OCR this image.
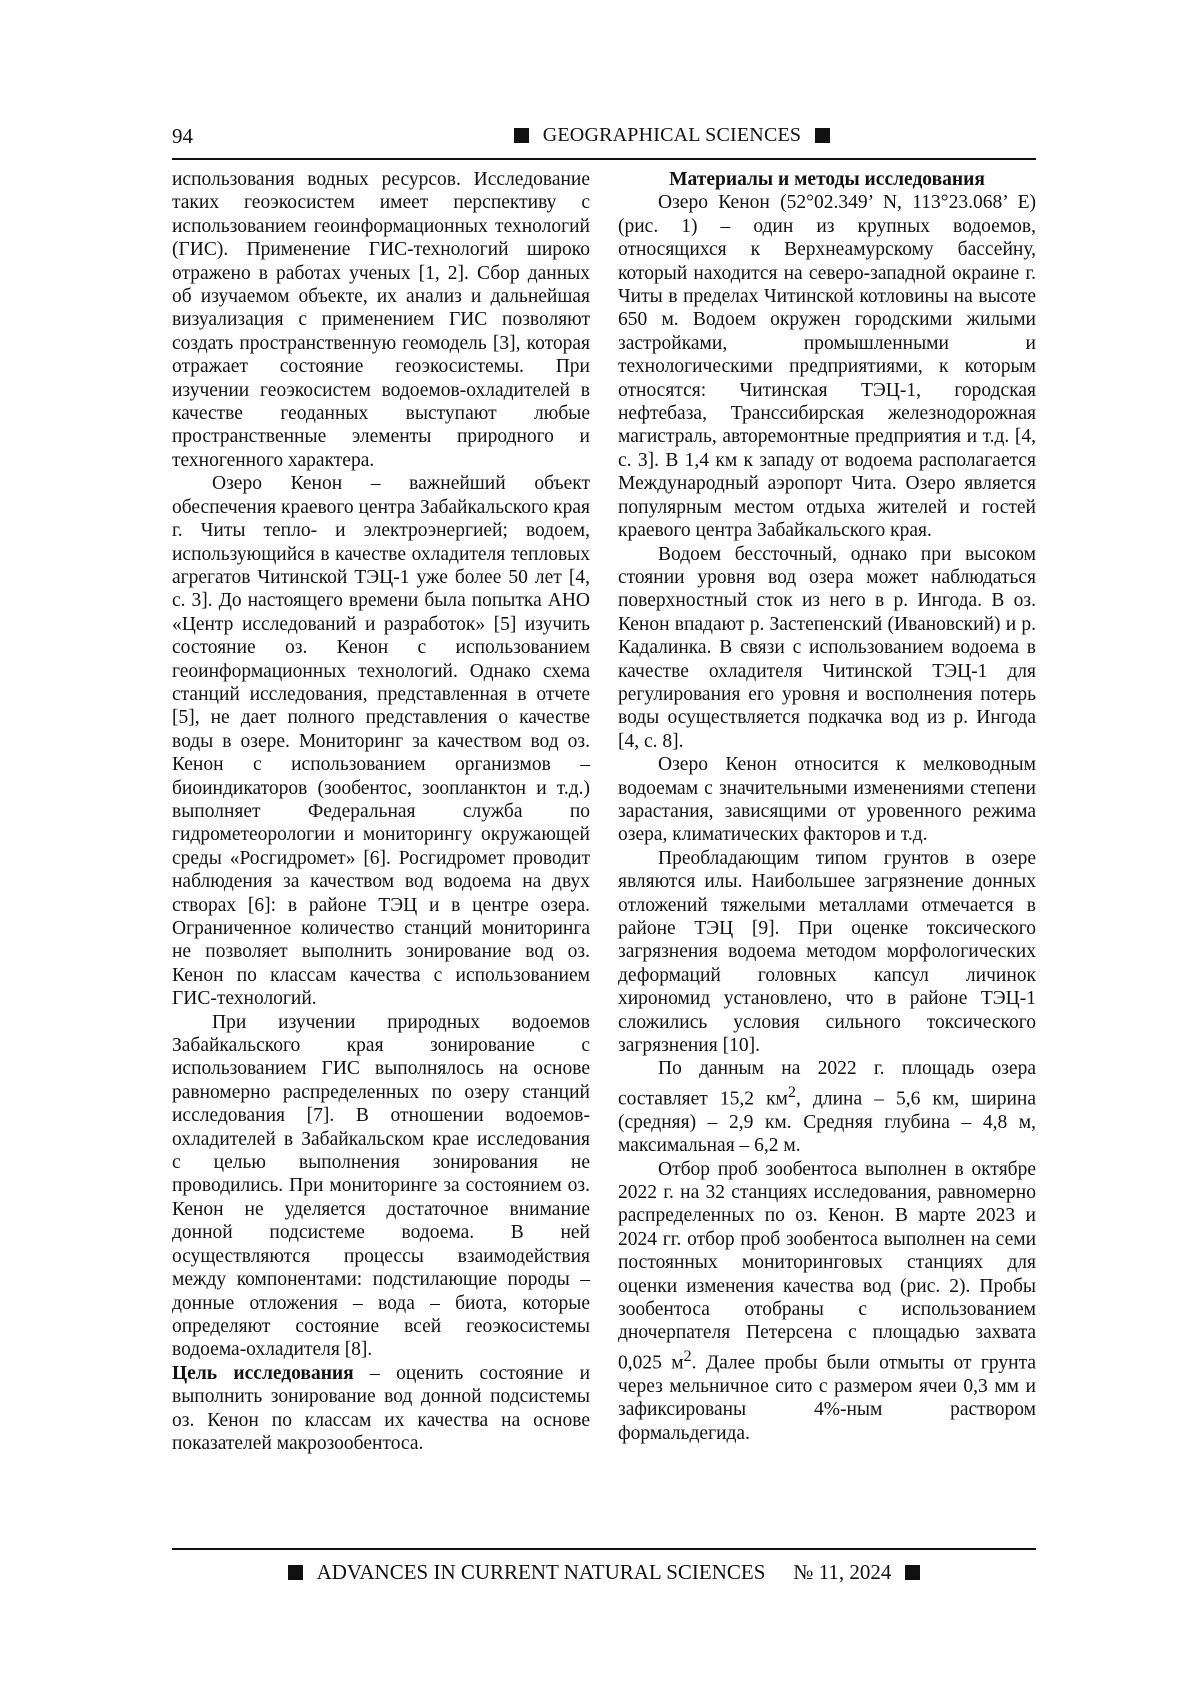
94	GEOGRAPHICAL SCIENCES

использования водных ресурсов. Исследование таких геоэкосистем имеет перспективу с использованием геоинформационных технологий (ГИС). Применение ГИС-технологий широко отражено в работах ученых [1, 2]. Сбор данных об изучаемом объекте, их анализ и дальнейшая визуализация с применением ГИС позволяют создать пространственную геомодель [3], которая отражает состояние геоэкосистемы. При изучении геоэкосистем водоемов-охладителей в качестве геоданных выступают любые пространственные элементы природного и техногенного характера.

Озеро Кенон – важнейший объект обеспечения краевого центра Забайкальского края г. Читы тепло- и электроэнергией; водоем, использующийся в качестве охладителя тепловых агрегатов Читинской ТЭЦ-1 уже более 50 лет [4, с. 3]. До настоящего времени была попытка АНО «Центр исследований и разработок» [5] изучить состояние оз. Кенон с использованием геоинформационных технологий. Однако схема станций исследования, представленная в отчете [5], не дает полного представления о качестве воды в озере. Мониторинг за качеством вод оз. Кенон с использованием организмов – биоиндикаторов (зообентос, зоопланктон и т.д.) выполняет Федеральная служба по гидрометеорологии и мониторингу окружающей среды «Росгидромет» [6]. Росгидромет проводит наблюдения за качеством вод водоема на двух створах [6]: в районе ТЭЦ и в центре озера. Ограниченное количество станций мониторинга не позволяет выполнить зонирование вод оз. Кенон по классам качества с использованием ГИС-технологий.

При изучении природных водоемов Забайкальского края зонирование с использованием ГИС выполнялось на основе равномерно распределенных по озеру станций исследования [7]. В отношении водоемов-охладителей в Забайкальском крае исследования с целью выполнения зонирования не проводились. При мониторинге за состоянием оз. Кенон не уделяется достаточное внимание донной подсистеме водоема. В ней осуществляются процессы взаимодействия между компонентами: подстилающие породы – донные отложения – вода – биота, которые определяют состояние всей геоэкосистемы водоема-охладителя [8].

Цель исследования – оценить состояние и выполнить зонирование вод донной подсистемы оз. Кенон по классам их качества на основе показателей макрозообентоса.

Материалы и методы исследования

Озеро Кенон (52°02.349’ N, 113°23.068’ E) (рис. 1) – один из крупных водоемов, относящихся к Верхнеамурскому бассейну, который находится на северо-западной окраине г. Читы в пределах Читинской котловины на высоте 650 м. Водоем окружен городскими жилыми застройками, промышленными и технологическими предприятиями, к которым относятся: Читинская ТЭЦ-1, городская нефтебаза, Транссибирская железнодорожная магистраль, авторемонтные предприятия и т.д. [4, с. 3]. В 1,4 км к западу от водоема располагается Международный аэропорт Чита. Озеро является популярным местом отдыха жителей и гостей краевого центра Забайкальского края.

Водоем бессточный, однако при высоком стоянии уровня вод озера может наблюдаться поверхностный сток из него в р. Ингода. В оз. Кенон впадают р. Застепенский (Ивановский) и р. Кадалинка. В связи с использованием водоема в качестве охладителя Читинской ТЭЦ-1 для регулирования его уровня и восполнения потерь воды осуществляется подкачка вод из р. Ингода [4, с. 8].

Озеро Кенон относится к мелководным водоемам с значительными изменениями степени зарастания, зависящими от уровенного режима озера, климатических факторов и т.д.

Преобладающим типом грунтов в озере являются илы. Наибольшее загрязнение донных отложений тяжелыми металлами отмечается в районе ТЭЦ [9]. При оценке токсического загрязнения водоема методом морфологических деформаций головных капсул личинок хирономид установлено, что в районе ТЭЦ-1 сложились условия сильного токсического загрязнения [10].

По данным на 2022 г. площадь озера составляет 15,2 $км^2$, длина – 5,6 км, ширина (средняя) – 2,9 км. Средняя глубина – 4,8 м, максимальная – 6,2 м.

Отбор проб зообентоса выполнен в октябре 2022 г. на 32 станциях исследования, равномерно распределенных по оз. Кенон. В марте 2023 и 2024 гг. отбор проб зообентоса выполнен на семи постоянных мониторинговых станциях для оценки изменения качества вод (рис. 2). Пробы зообентоса отобраны с использованием дночерпателя Петерсена с площадью захвата 0,025 $м^2$. Далее пробы были отмыты от грунта через мельничное сито с размером ячеи 0,3 мм и зафиксированы 4%-ным раствором формальдегида.

ADVANCES IN CURRENT NATURAL SCIENCES № 11, 2024
